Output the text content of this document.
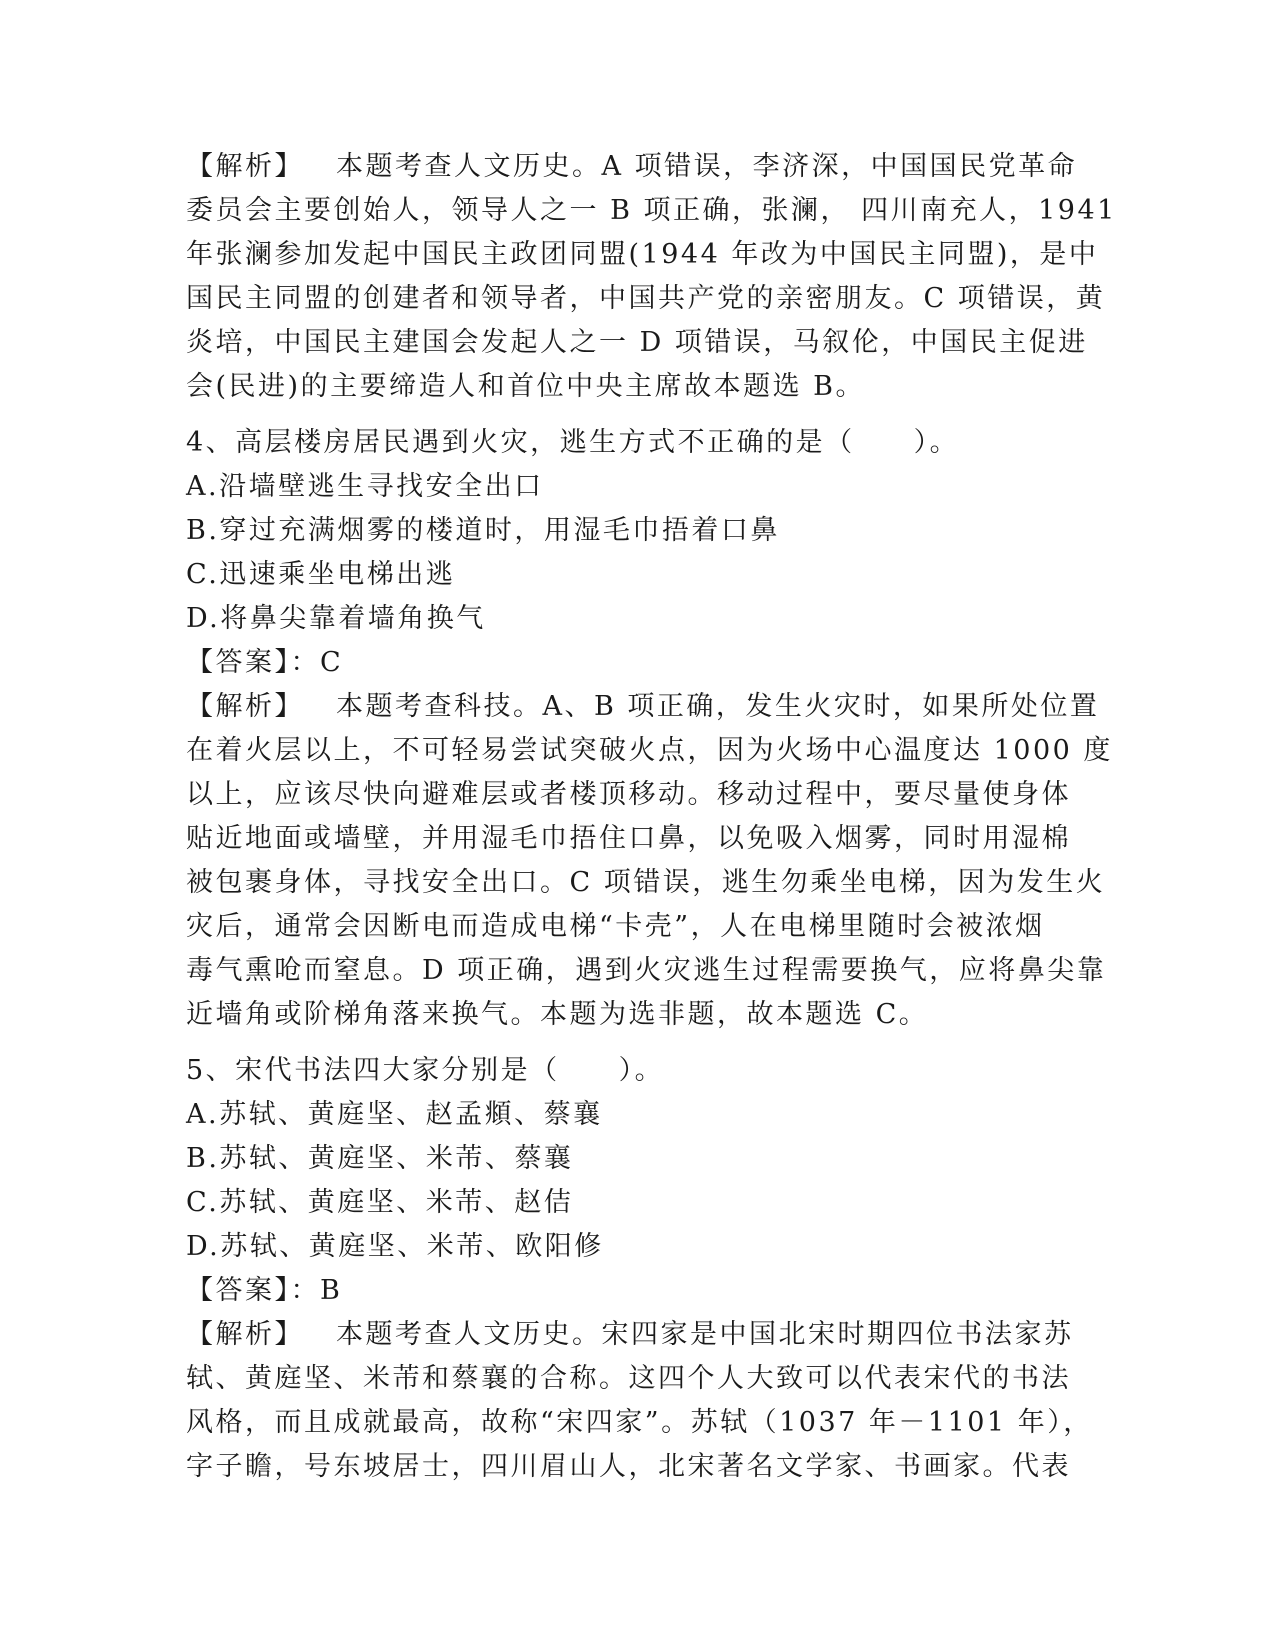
【解析】 本题考查人文历史。A 项错误，李济深，中国国民党革命
委员会主要创始人，领导人之一 B 项正确，张澜， 四川南充人，1941
年张澜参加发起中国民主政团同盟(1944 年改为中国民主同盟)，是中
国民主同盟的创建者和领导者，中国共产党的亲密朋友。C 项错误，黄
炎培，中国民主建国会发起人之一 D 项错误，马叙伦，中国民主促进
会(民进)的主要缔造人和首位中央主席故本题选 B。
4、高层楼房居民遇到火灾，逃生方式不正确的是（　　）。
A.沿墙壁逃生寻找安全出口
B.穿过充满烟雾的楼道时，用湿毛巾捂着口鼻
C.迅速乘坐电梯出逃
D.将鼻尖靠着墙角换气
【答案】：C
【解析】 本题考查科技。A、B 项正确，发生火灾时，如果所处位置
在着火层以上，不可轻易尝试突破火点，因为火场中心温度达 1000 度
以上，应该尽快向避难层或者楼顶移动。移动过程中，要尽量使身体
贴近地面或墙壁，并用湿毛巾捂住口鼻，以免吸入烟雾，同时用湿棉
被包裹身体，寻找安全出口。C 项错误，逃生勿乘坐电梯，因为发生火
灾后，通常会因断电而造成电梯“卡壳”，人在电梯里随时会被浓烟
毒气熏呛而窒息。D 项正确，遇到火灾逃生过程需要换气，应将鼻尖靠
近墙角或阶梯角落来换气。本题为选非题，故本题选 C。
5、宋代书法四大家分别是（　　）。
A.苏轼、黄庭坚、赵孟頫、蔡襄
B.苏轼、黄庭坚、米芾、蔡襄
C.苏轼、黄庭坚、米芾、赵佶
D.苏轼、黄庭坚、米芾、欧阳修
【答案】：B
【解析】 本题考查人文历史。宋四家是中国北宋时期四位书法家苏
轼、黄庭坚、米芾和蔡襄的合称。这四个人大致可以代表宋代的书法
风格，而且成就最高，故称“宋四家”。苏轼（1037 年－1101 年），
字子瞻，号东坡居士，四川眉山人，北宋著名文学家、书画家。代表
